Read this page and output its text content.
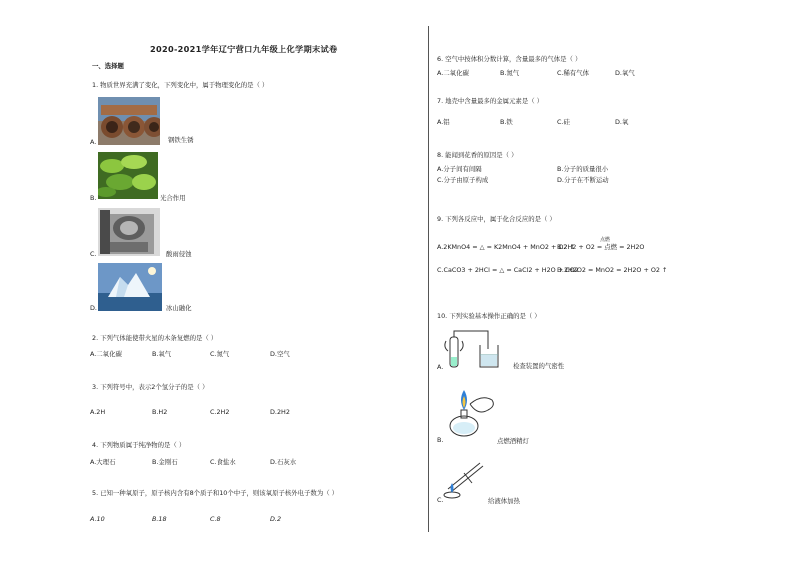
2020-2021学年辽宁营口九年级上化学期末试卷
一、选择题
1. 物质世界充满了变化，下列变化中，属于物理变化的是（ ）
A.	钢铁生锈
B.	光合作用
C.	酸雨侵蚀
D.	冰山融化
2. 下列气体能使带火星的木条复燃的是（ ）
A.二氧化碳	B.氧气	C.氮气	D.空气
3. 下列符号中，表示2个氢分子的是（ ）
A.2H	B.H2	C.2H2	D.2H2
4. 下列物质属于纯净物的是（ ）
A.大理石	B.金刚石	C.食盐水	D.石灰水
5. 已知一种氧原子，原子核内含有8个质子和10个中子，则该氧原子核外电子数为（ ）
A.10	B.18	C.8	D.2
6. 空气中按体积分数计算，含量最多的气体是（ ）
A.二氧化碳	B.氮气	C.稀有气体	D.氧气
7. 地壳中含量最多的金属元素是（ ）
A.铝	B.铁	C.硅	D.氧
8. 能闻到花香的原因是（ ）
A.分子间有间隔	B.分子的质量很小
C.分子由原子构成	D.分子在不断运动
9. 下列各反应中，属于化合反应的是（ ）
点燃
A.2KMnO4 = △ = K2MnO4 + MnO2 + O2 ↑
B.2H2 + O2 = 点燃 = 2H2O
C.CaCO3 + 2HCl = △ = CaCl2 + H2O + CO2
D.2H2O2 = MnO2 = 2H2O + O2 ↑
10. 下列实验基本操作正确的是（ ）
A.	检查装置的气密性
B.	点燃酒精灯
C.	给液体加热
